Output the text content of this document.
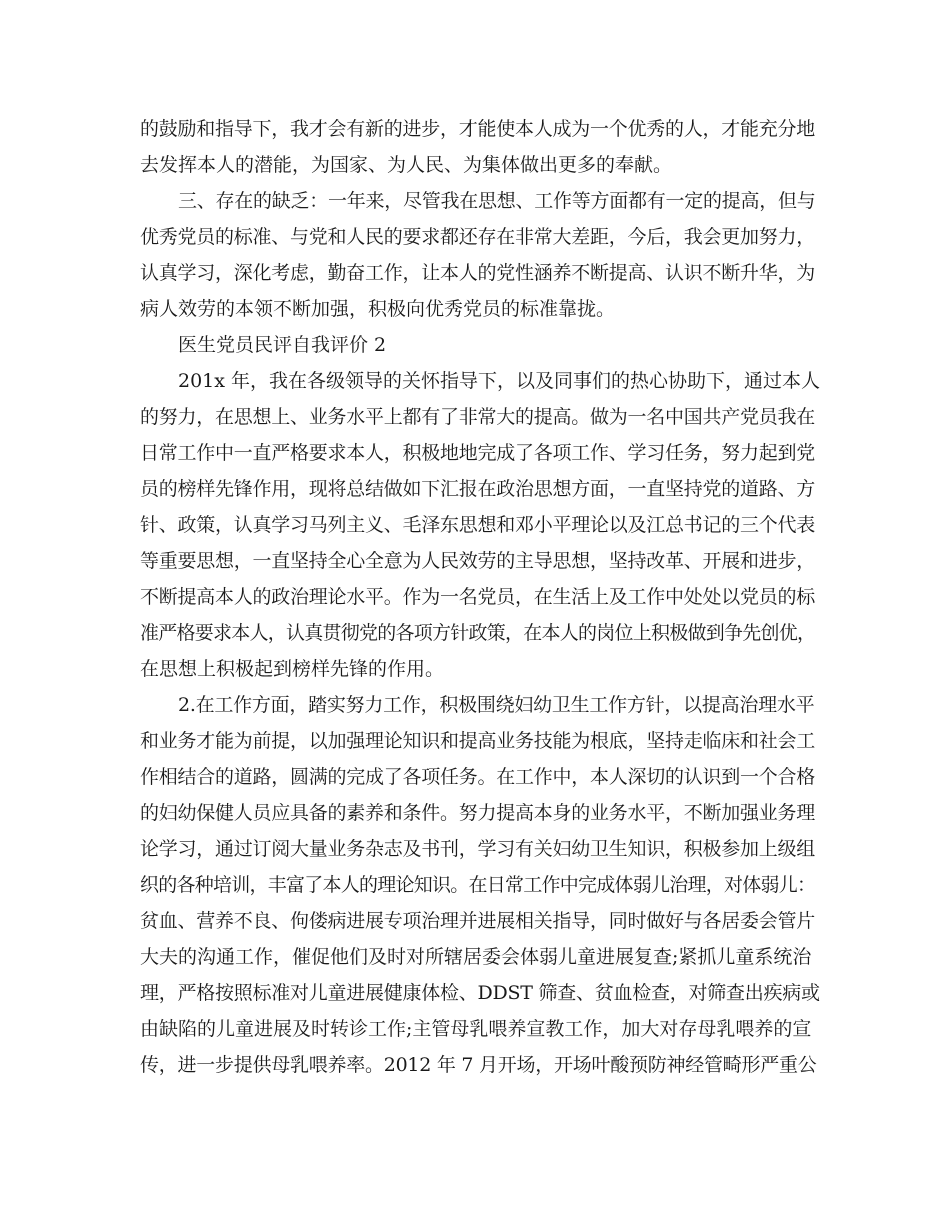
的鼓励和指导下，我才会有新的进步，才能使本人成为一个优秀的人，才能充分地
去发挥本人的潜能，为国家、为人民、为集体做出更多的奉献。
三、存在的缺乏：一年来，尽管我在思想、工作等方面都有一定的提高，但与
优秀党员的标准、与党和人民的要求都还存在非常大差距，今后，我会更加努力，
认真学习，深化考虑，勤奋工作，让本人的党性涵养不断提高、认识不断升华，为
病人效劳的本领不断加强，积极向优秀党员的标准靠拢。
医生党员民评自我评价 2
201x 年，我在各级领导的关怀指导下，以及同事们的热心协助下，通过本人
的努力，在思想上、业务水平上都有了非常大的提高。做为一名中国共产党员我在
日常工作中一直严格要求本人，积极地地完成了各项工作、学习任务，努力起到党
员的榜样先锋作用，现将总结做如下汇报在政治思想方面，一直坚持党的道路、方
针、政策，认真学习马列主义、毛泽东思想和邓小平理论以及江总书记的三个代表
等重要思想，一直坚持全心全意为人民效劳的主导思想，坚持改革、开展和进步，
不断提高本人的政治理论水平。作为一名党员，在生活上及工作中处处以党员的标
准严格要求本人，认真贯彻党的各项方针政策，在本人的岗位上积极做到争先创优，
在思想上积极起到榜样先锋的作用。
2.在工作方面，踏实努力工作，积极围绕妇幼卫生工作方针，以提高治理水平
和业务才能为前提，以加强理论知识和提高业务技能为根底，坚持走临床和社会工
作相结合的道路，圆满的完成了各项任务。在工作中，本人深切的认识到一个合格
的妇幼保健人员应具备的素养和条件。努力提高本身的业务水平，不断加强业务理
论学习，通过订阅大量业务杂志及书刊，学习有关妇幼卫生知识，积极参加上级组
织的各种培训，丰富了本人的理论知识。在日常工作中完成体弱儿治理，对体弱儿：
贫血、营养不良、佝偻病进展专项治理并进展相关指导，同时做好与各居委会管片
大夫的沟通工作，催促他们及时对所辖居委会体弱儿童进展复查;紧抓儿童系统治
理，严格按照标准对儿童进展健康体检、DDST 筛查、贫血检查，对筛查出疾病或
由缺陷的儿童进展及时转诊工作;主管母乳喂养宣教工作，加大对存母乳喂养的宣
传，进一步提供母乳喂养率。2012 年 7 月开场，开场叶酸预防神经管畸形严重公
